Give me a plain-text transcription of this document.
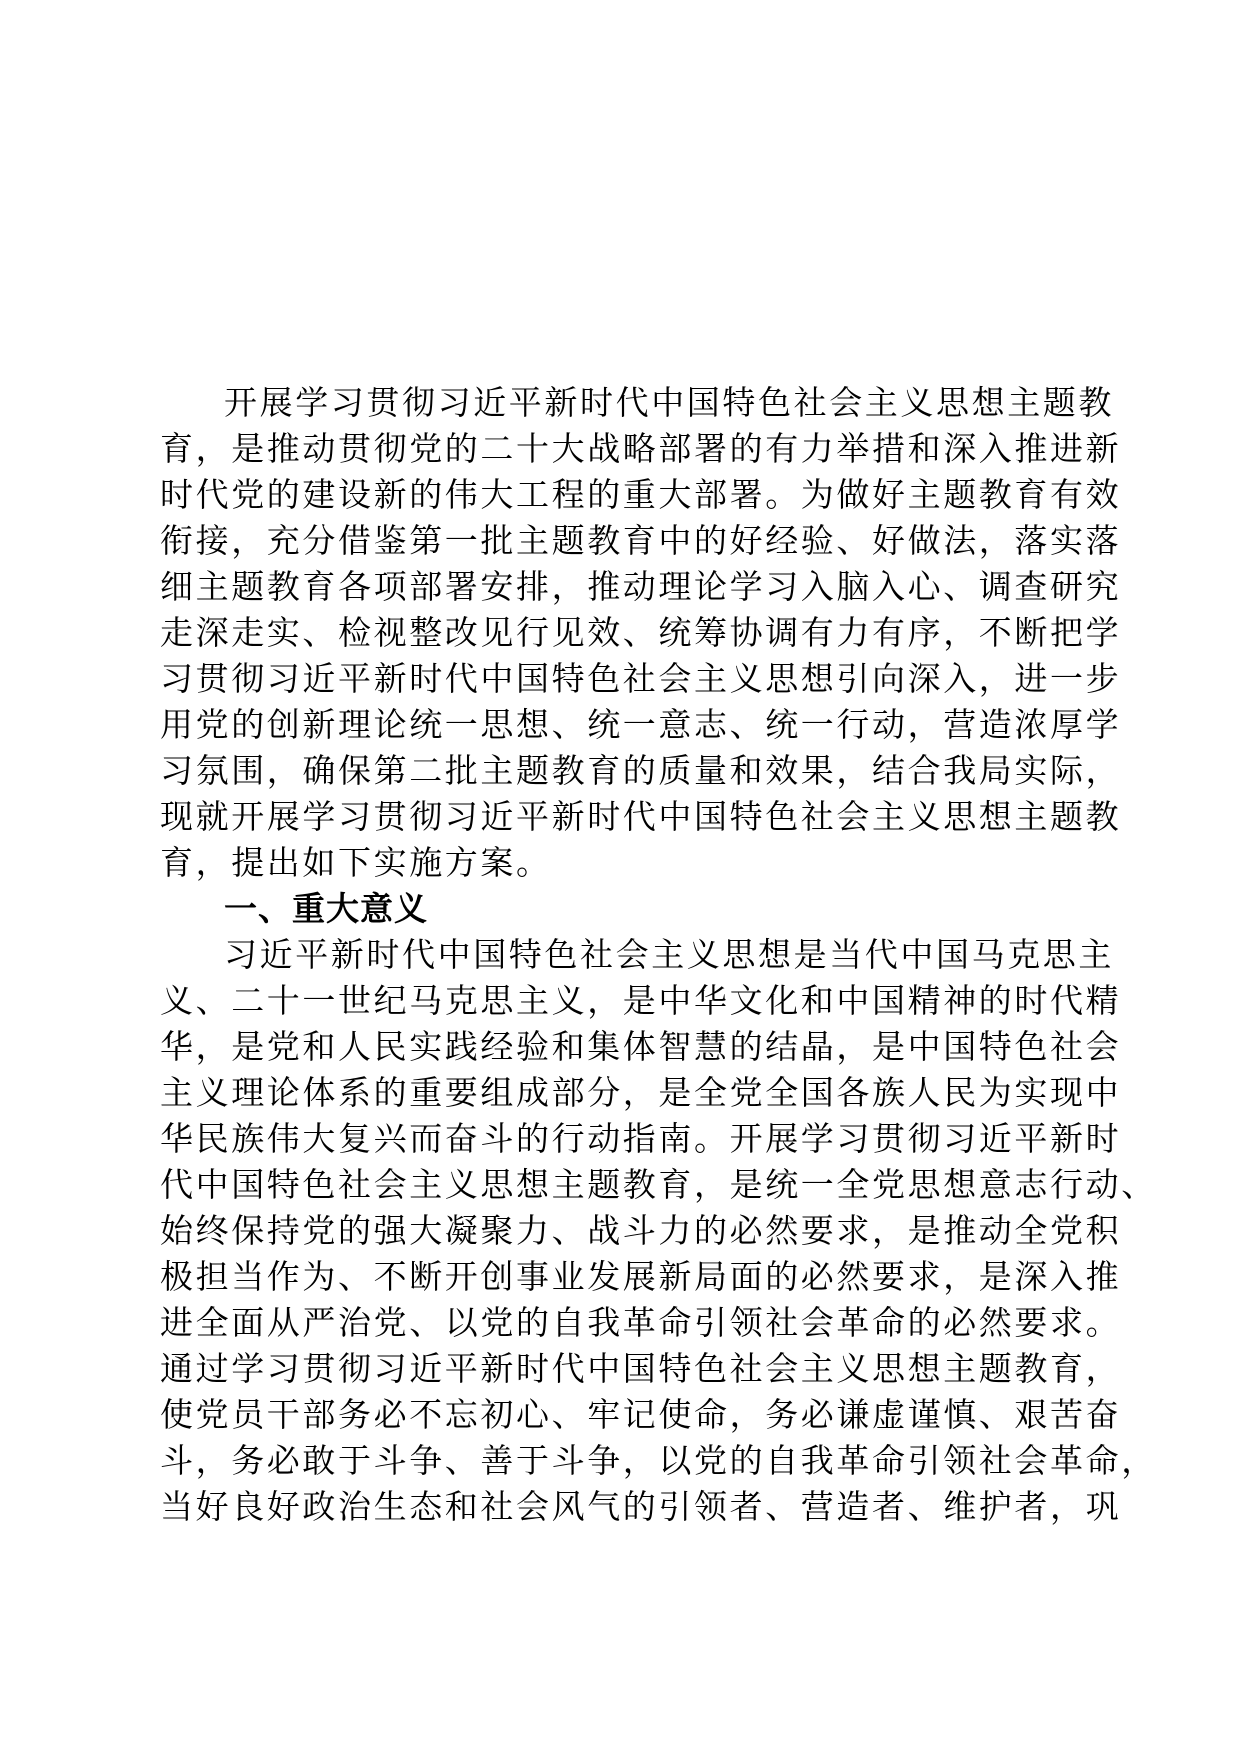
开展学习贯彻习近平新时代中国特色社会主义思想主题教
育，是推动贯彻党的二十大战略部署的有力举措和深入推进新
时代党的建设新的伟大工程的重大部署。为做好主题教育有效
衔接，充分借鉴第一批主题教育中的好经验、好做法，落实落
细主题教育各项部署安排，推动理论学习入脑入心、调查研究
走深走实、检视整改见行见效、统筹协调有力有序，不断把学
习贯彻习近平新时代中国特色社会主义思想引向深入，进一步
用党的创新理论统一思想、统一意志、统一行动，营造浓厚学
习氛围，确保第二批主题教育的质量和效果，结合我局实际，
现就开展学习贯彻习近平新时代中国特色社会主义思想主题教
育，提出如下实施方案。
一、重大意义
习近平新时代中国特色社会主义思想是当代中国马克思主
义、二十一世纪马克思主义，是中华文化和中国精神的时代精
华，是党和人民实践经验和集体智慧的结晶，是中国特色社会
主义理论体系的重要组成部分，是全党全国各族人民为实现中
华民族伟大复兴而奋斗的行动指南。开展学习贯彻习近平新时
代中国特色社会主义思想主题教育，是统一全党思想意志行动、
始终保持党的强大凝聚力、战斗力的必然要求，是推动全党积
极担当作为、不断开创事业发展新局面的必然要求，是深入推
进全面从严治党、以党的自我革命引领社会革命的必然要求。
通过学习贯彻习近平新时代中国特色社会主义思想主题教育，
使党员干部务必不忘初心、牢记使命，务必谦虚谨慎、艰苦奋
斗，务必敢于斗争、善于斗争，以党的自我革命引领社会革命，
当好良好政治生态和社会风气的引领者、营造者、维护者，巩
